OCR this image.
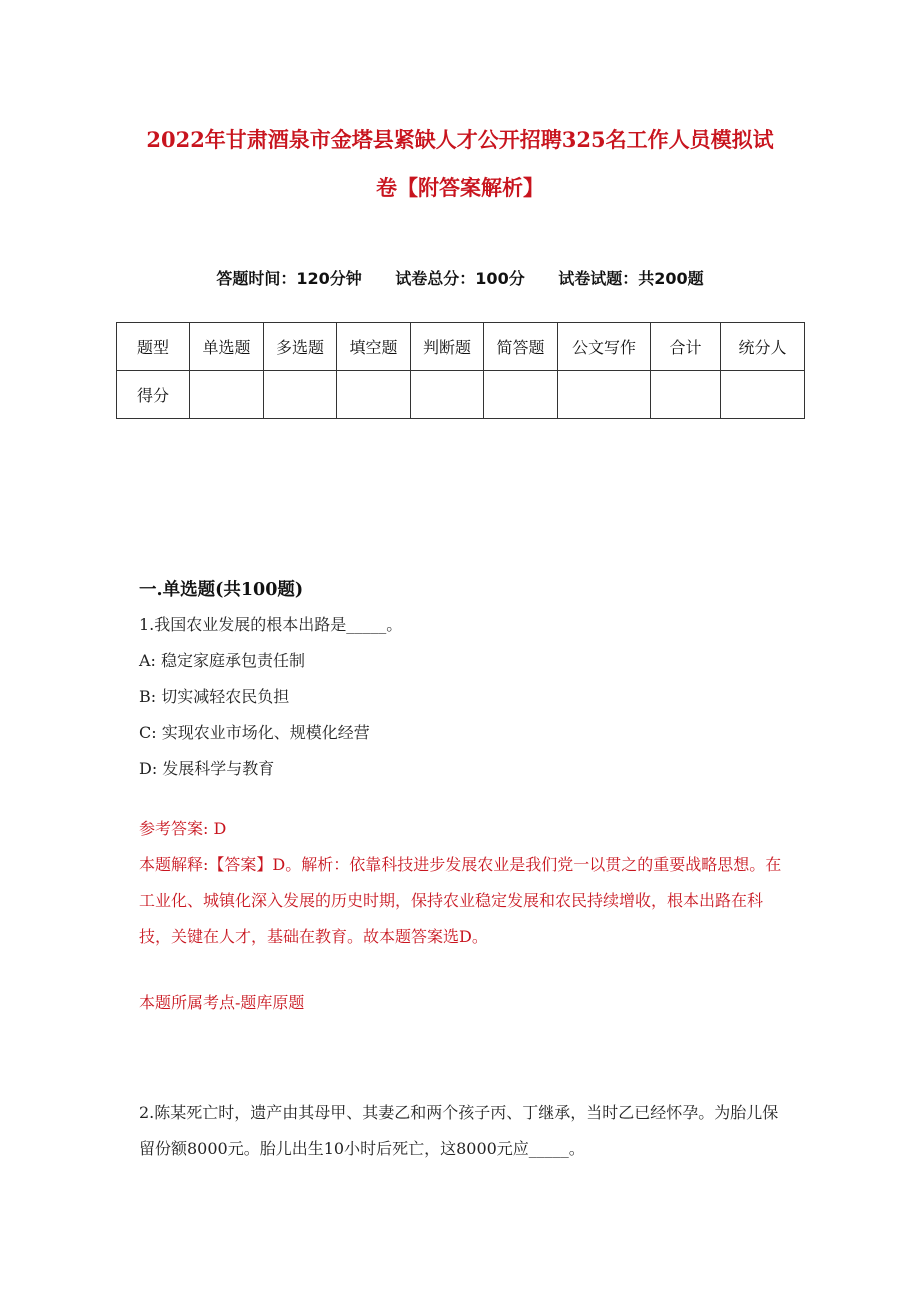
2022年甘肃酒泉市金塔县紧缺人才公开招聘325名工作人员模拟试
卷【附答案解析】
答题时间：120分钟 试卷总分：100分 试卷试题：共200题
题型	单选题	多选题	填空题	判断题	简答题	公文写作	合计	统分人
得分								
一.单选题(共100题)
1.我国农业发展的根本出路是_____。
A: 稳定家庭承包责任制
B: 切实减轻农民负担
C: 实现农业市场化、规模化经营
D: 发展科学与教育
参考答案: D
本题解释:【答案】D。解析：依靠科技进步发展农业是我们党一以贯之的重要战略思想。在工业化、城镇化深入发展的历史时期，保持农业稳定发展和农民持续增收，根本出路在科技，关键在人才，基础在教育。故本题答案选D。
本题所属考点-题库原题
2.陈某死亡时，遗产由其母甲、其妻乙和两个孩子丙、丁继承，当时乙已经怀孕。为胎儿保留份额8000元。胎儿出生10小时后死亡，这8000元应_____。
